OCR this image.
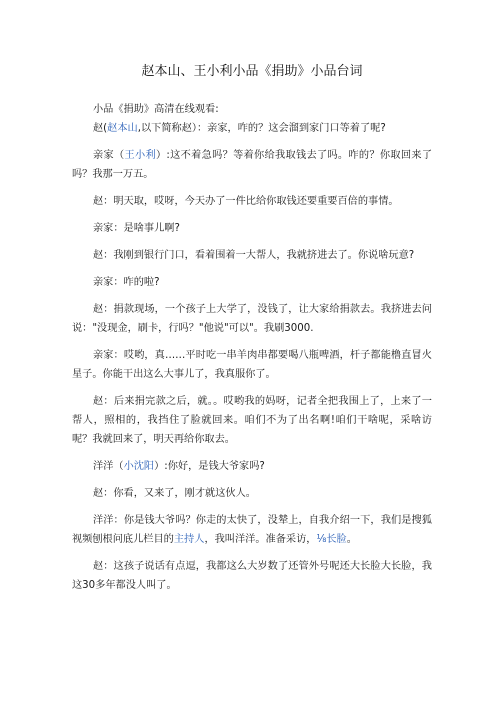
赵本山、王小利小品《捐助》小品台词

小品《捐助》高清在线观看:

赵(赵本山,以下简称赵）：亲家，咋的？这会溜到家门口等着了呢?

亲家（王小利）:这不着急吗？等着你给我取钱去了吗。咋的？你取回来了吗？我那一万五。

赵：明天取，哎呀，今天办了一件比给你取钱还要重要百倍的事情。

亲家：是啥事儿啊?

赵：我刚到银行门口，看着围着一大帮人，我就挤进去了。你说啥玩意?

亲家：咋的啦?

赵：捐款现场，一个孩子上大学了，没钱了，让大家给捐款去。我挤进去问说："没现金，刷卡，行吗？"他说"可以"。我刷3000.

亲家：哎哟，真……平时吃一串羊肉串都要喝八瓶啤酒，杆子都能橹直冒火星子。你能干出这么大事儿了，我真服你了。

赵：后来捐完款之后，就。。哎哟我的妈呀，记者全把我围上了，上来了一帮人，照相的，我挡住了脸就回来。咱们不为了出名啊!咱们干啥呢，采啥访呢？我就回来了，明天再给你取去。

洋洋（小沈阳）:你好，是钱大爷家吗?

赵：你看，又来了，刚才就这伙人。

洋洋：你是钱大爷吗？你走的太快了，没辇上，自我介绍一下，我们是搜狐视频刨根问底儿栏目的主持人，我叫洋洋。准备采访，⅛长脸。

赵：这孩子说话有点逗，我都这么大岁数了还管外号呢还大长脸大长脸，我这30多年都没人叫了。
